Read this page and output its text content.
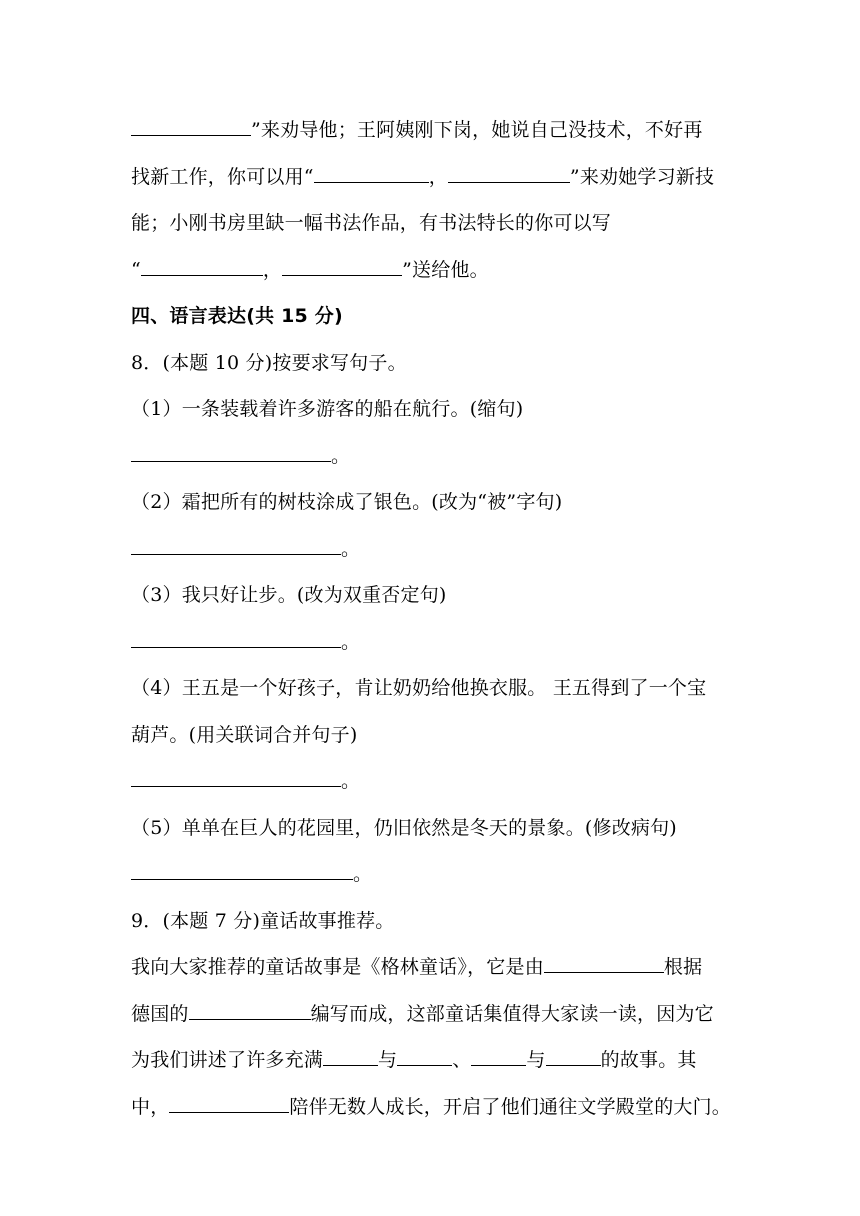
”来劝导他；王阿姨刚下岗，她说自己没技术，不好再
找新工作，你可以用“	，	”来劝她学习新技
能；小刚书房里缺一幅书法作品，有书法特长的你可以写
“	，	”送给他。
四、语言表达(共 15 分)
8．(本题 10 分)按要求写句子。
（1）一条装载着许多游客的船在航行。(缩句)
。
（2）霜把所有的树枝涂成了银色。(改为“被”字句)
。
（3）我只好让步。(改为双重否定句)
。
（4）王五是一个好孩子，肯让奶奶给他换衣服。 王五得到了一个宝
葫芦。(用关联词合并句子)
。
（5）单单在巨人的花园里，仍旧依然是冬天的景象。(修改病句)
。
9．(本题 7 分)童话故事推荐。
我向大家推荐的童话故事是《格林童话》，它是由	根据
德国的	编写而成，这部童话集值得大家读一读，因为它
为我们讲述了许多充满	与	、	与	的故事。其
中，	陪伴无数人成长，开启了他们通往文学殿堂的大门。
